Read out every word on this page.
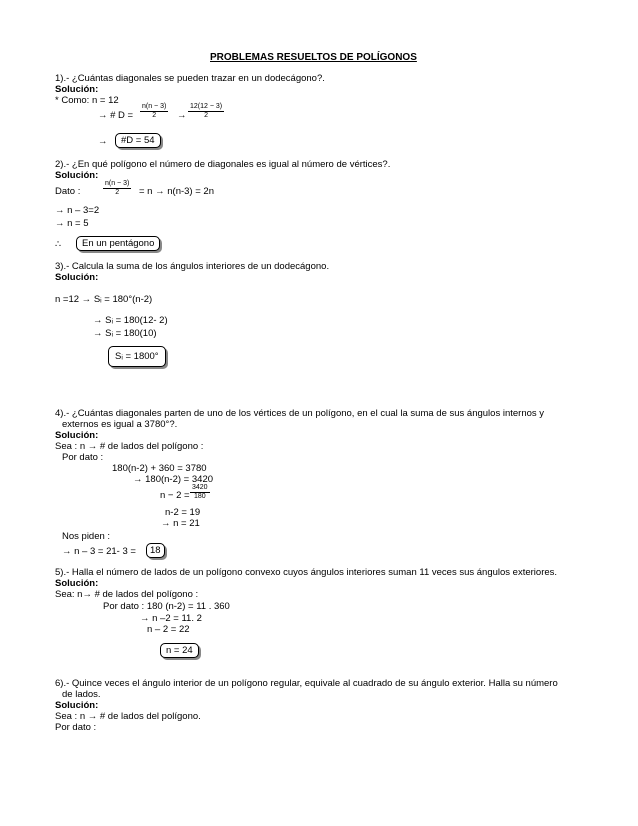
PROBLEMAS RESUELTOS DE POLÍGONOS
1).- ¿Cuántas diagonales se pueden trazar en un dodecágono?.
Solución:
* Como: n = 12
→ # $D = \frac{n(n - 3)}{2} \to \frac{12(12 - 3)}{2}$
→	#D = 54
2).- ¿En qué polígono el número de diagonales es igual al número de vértices?.
Solución:
Dato :	$\frac{n(n - 3)}{2} = n \to n(n-3) = 2n$
→ n – 3=2
→ n = 5
∴	En un pentágono
3).- Calcula la suma de los ángulos interiores de un dodecágono.
Solución:
n =12 → Sᵢ = 180°(n-2)
→ Sᵢ = 180(12- 2)
→ Sᵢ = 180(10)
Sᵢ = 1800°
4).- ¿Cuántas diagonales parten de uno de los vértices de un polígono, en el cual la suma de sus ángulos internos y
externos es igual a 3780°?.
Solución:
Sea : n → # de lados del polígono :
Por dato :
180(n-2) + 360 = 3780
→ 180(n-2) = 3420
$n - 2 = \frac{3420}{180}$
n-2 = 19
→ n = 21
Nos piden :
→ n – 3 = 21- 3 =	18
5).- Halla el número de lados de un polígono convexo cuyos ángulos interiores suman 11 veces sus ángulos exteriores.
Solución:
Sea: n→ # de lados del polígono :
Por dato : 180 (n-2) = 11 . 360
→ n –2 = 11. 2
n – 2 = 22
n = 24
6).- Quince veces el ángulo interior de un polígono regular, equivale al cuadrado de su ángulo exterior. Halla su número
de lados.
Solución:
Sea : n → # de lados del polígono.
Por dato :
